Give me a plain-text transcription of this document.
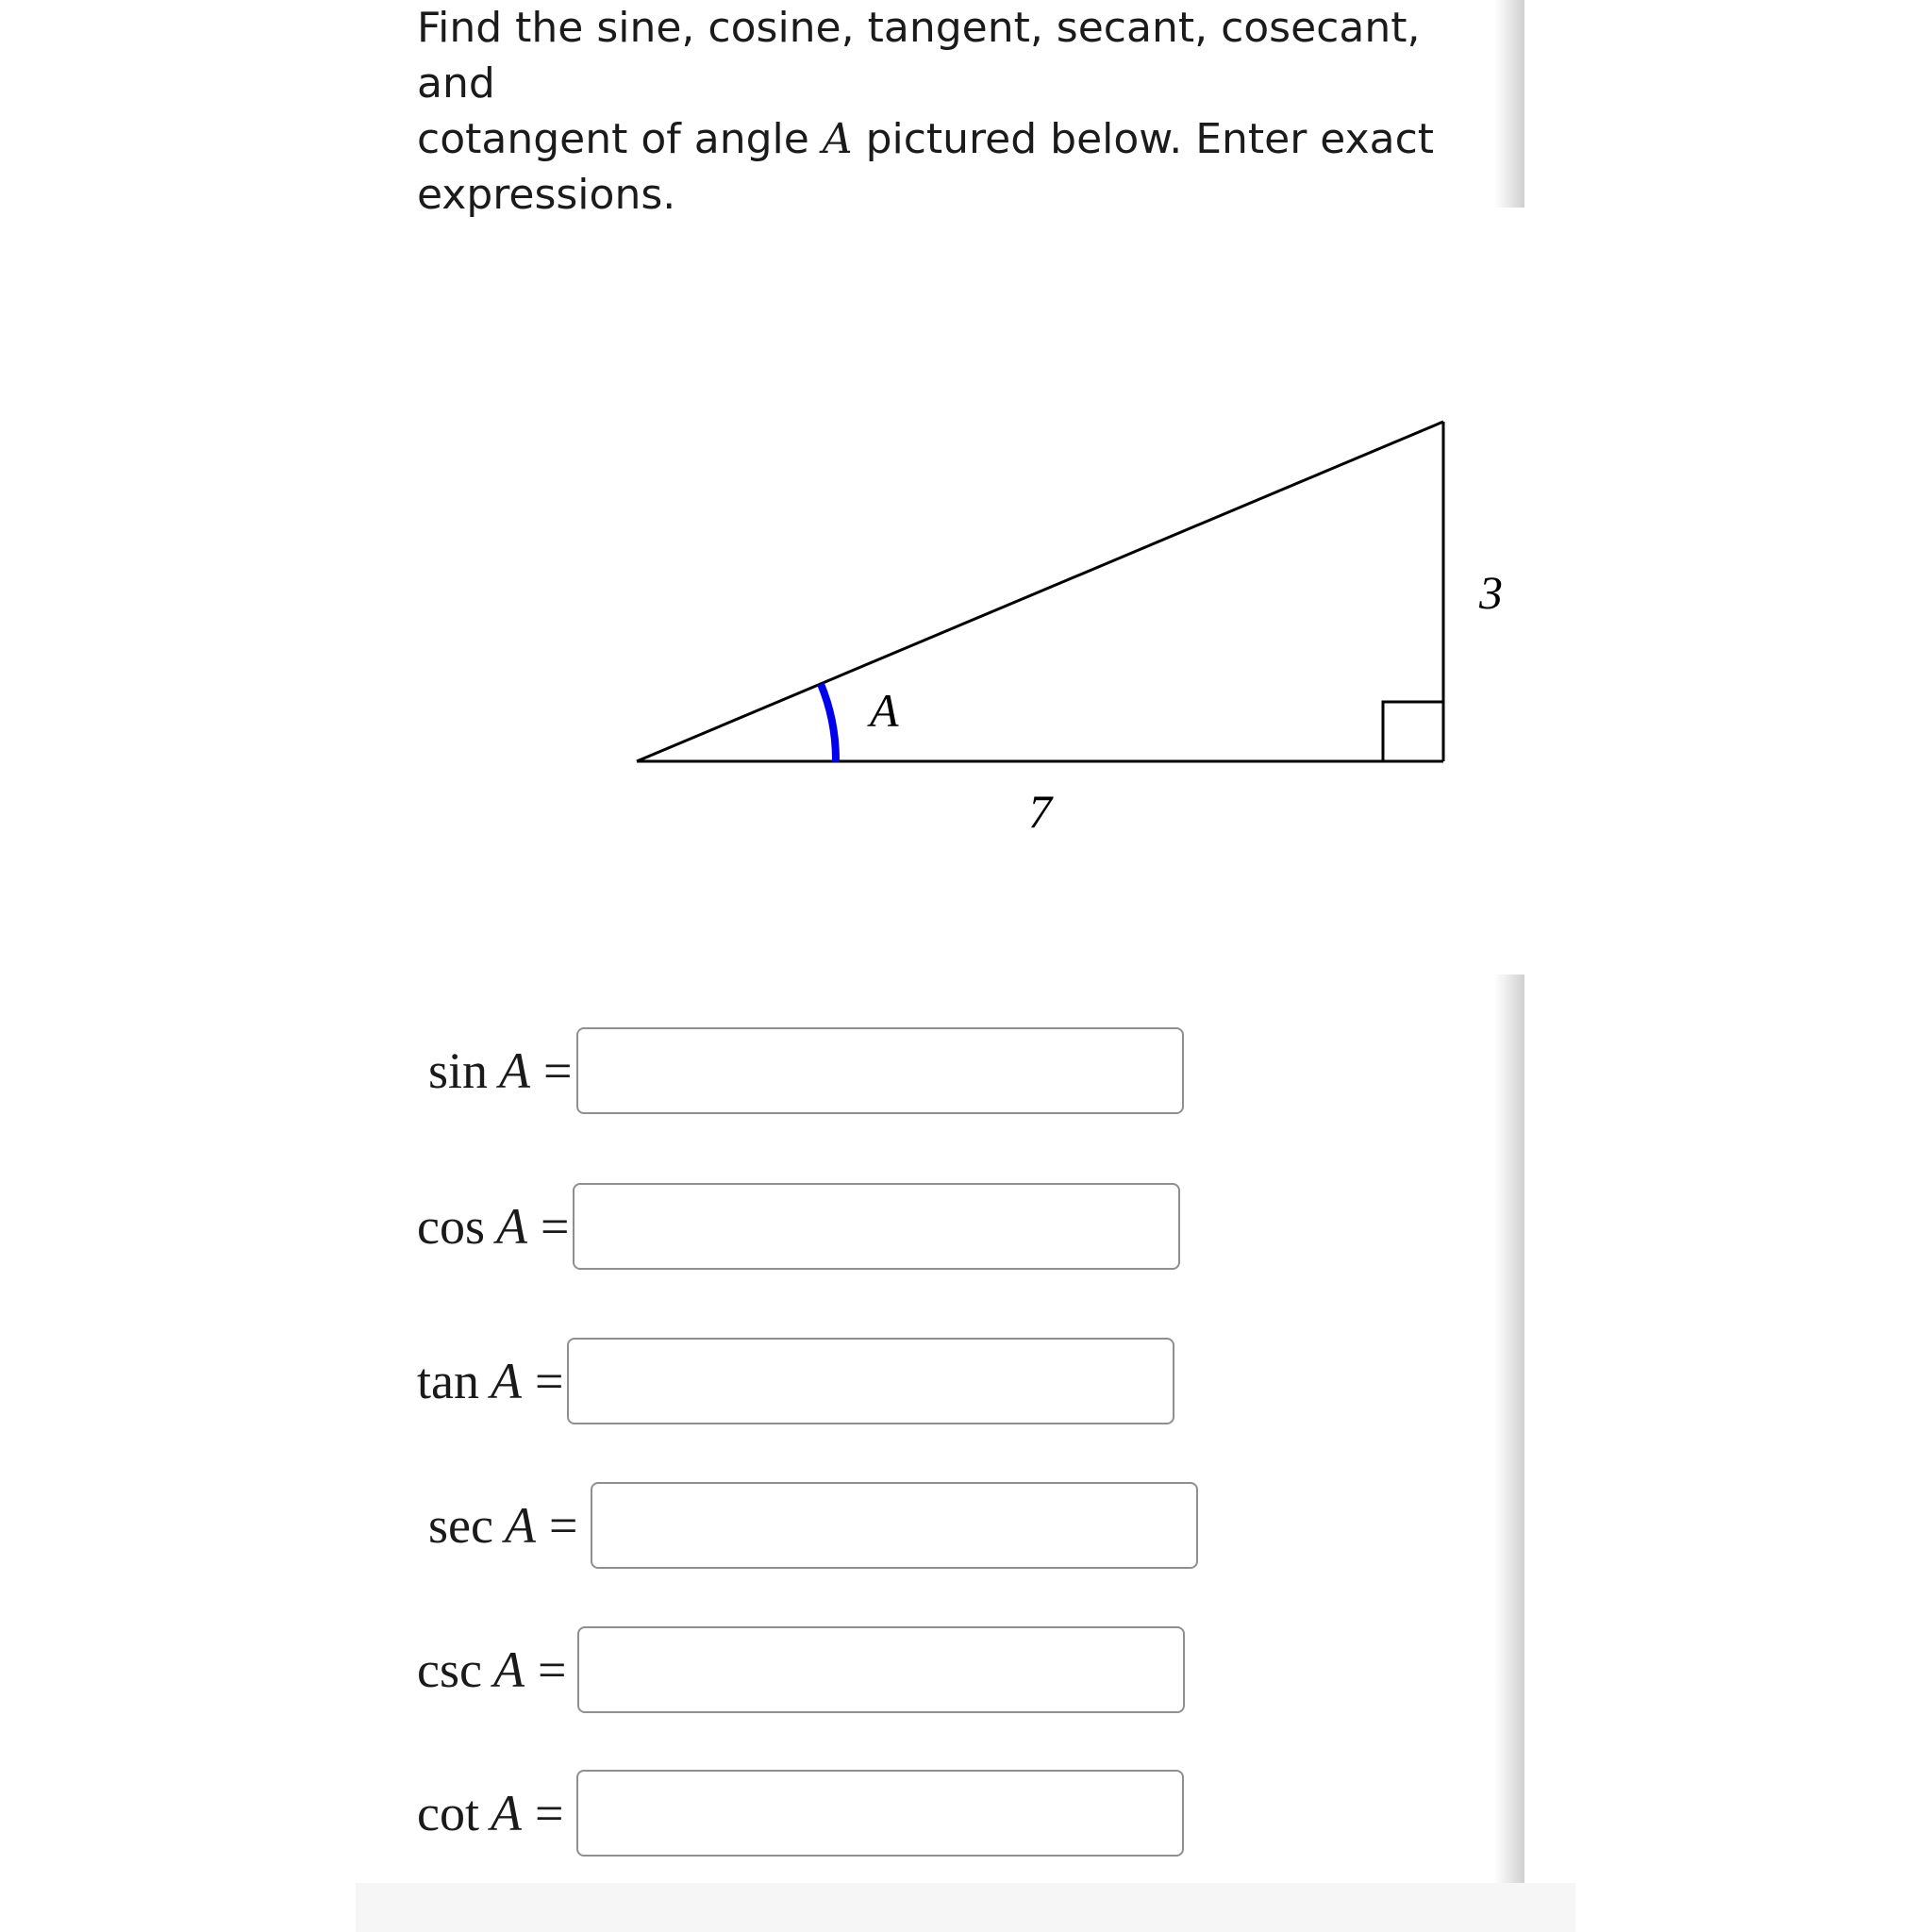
Find the sine, cosine, tangent, secant, cosecant, and
cotangent of angle A pictured below. Enter exact
expressions.
A
7
3
sin A =
cos A =
tan A =
sec A =
csc A =
cot A =
